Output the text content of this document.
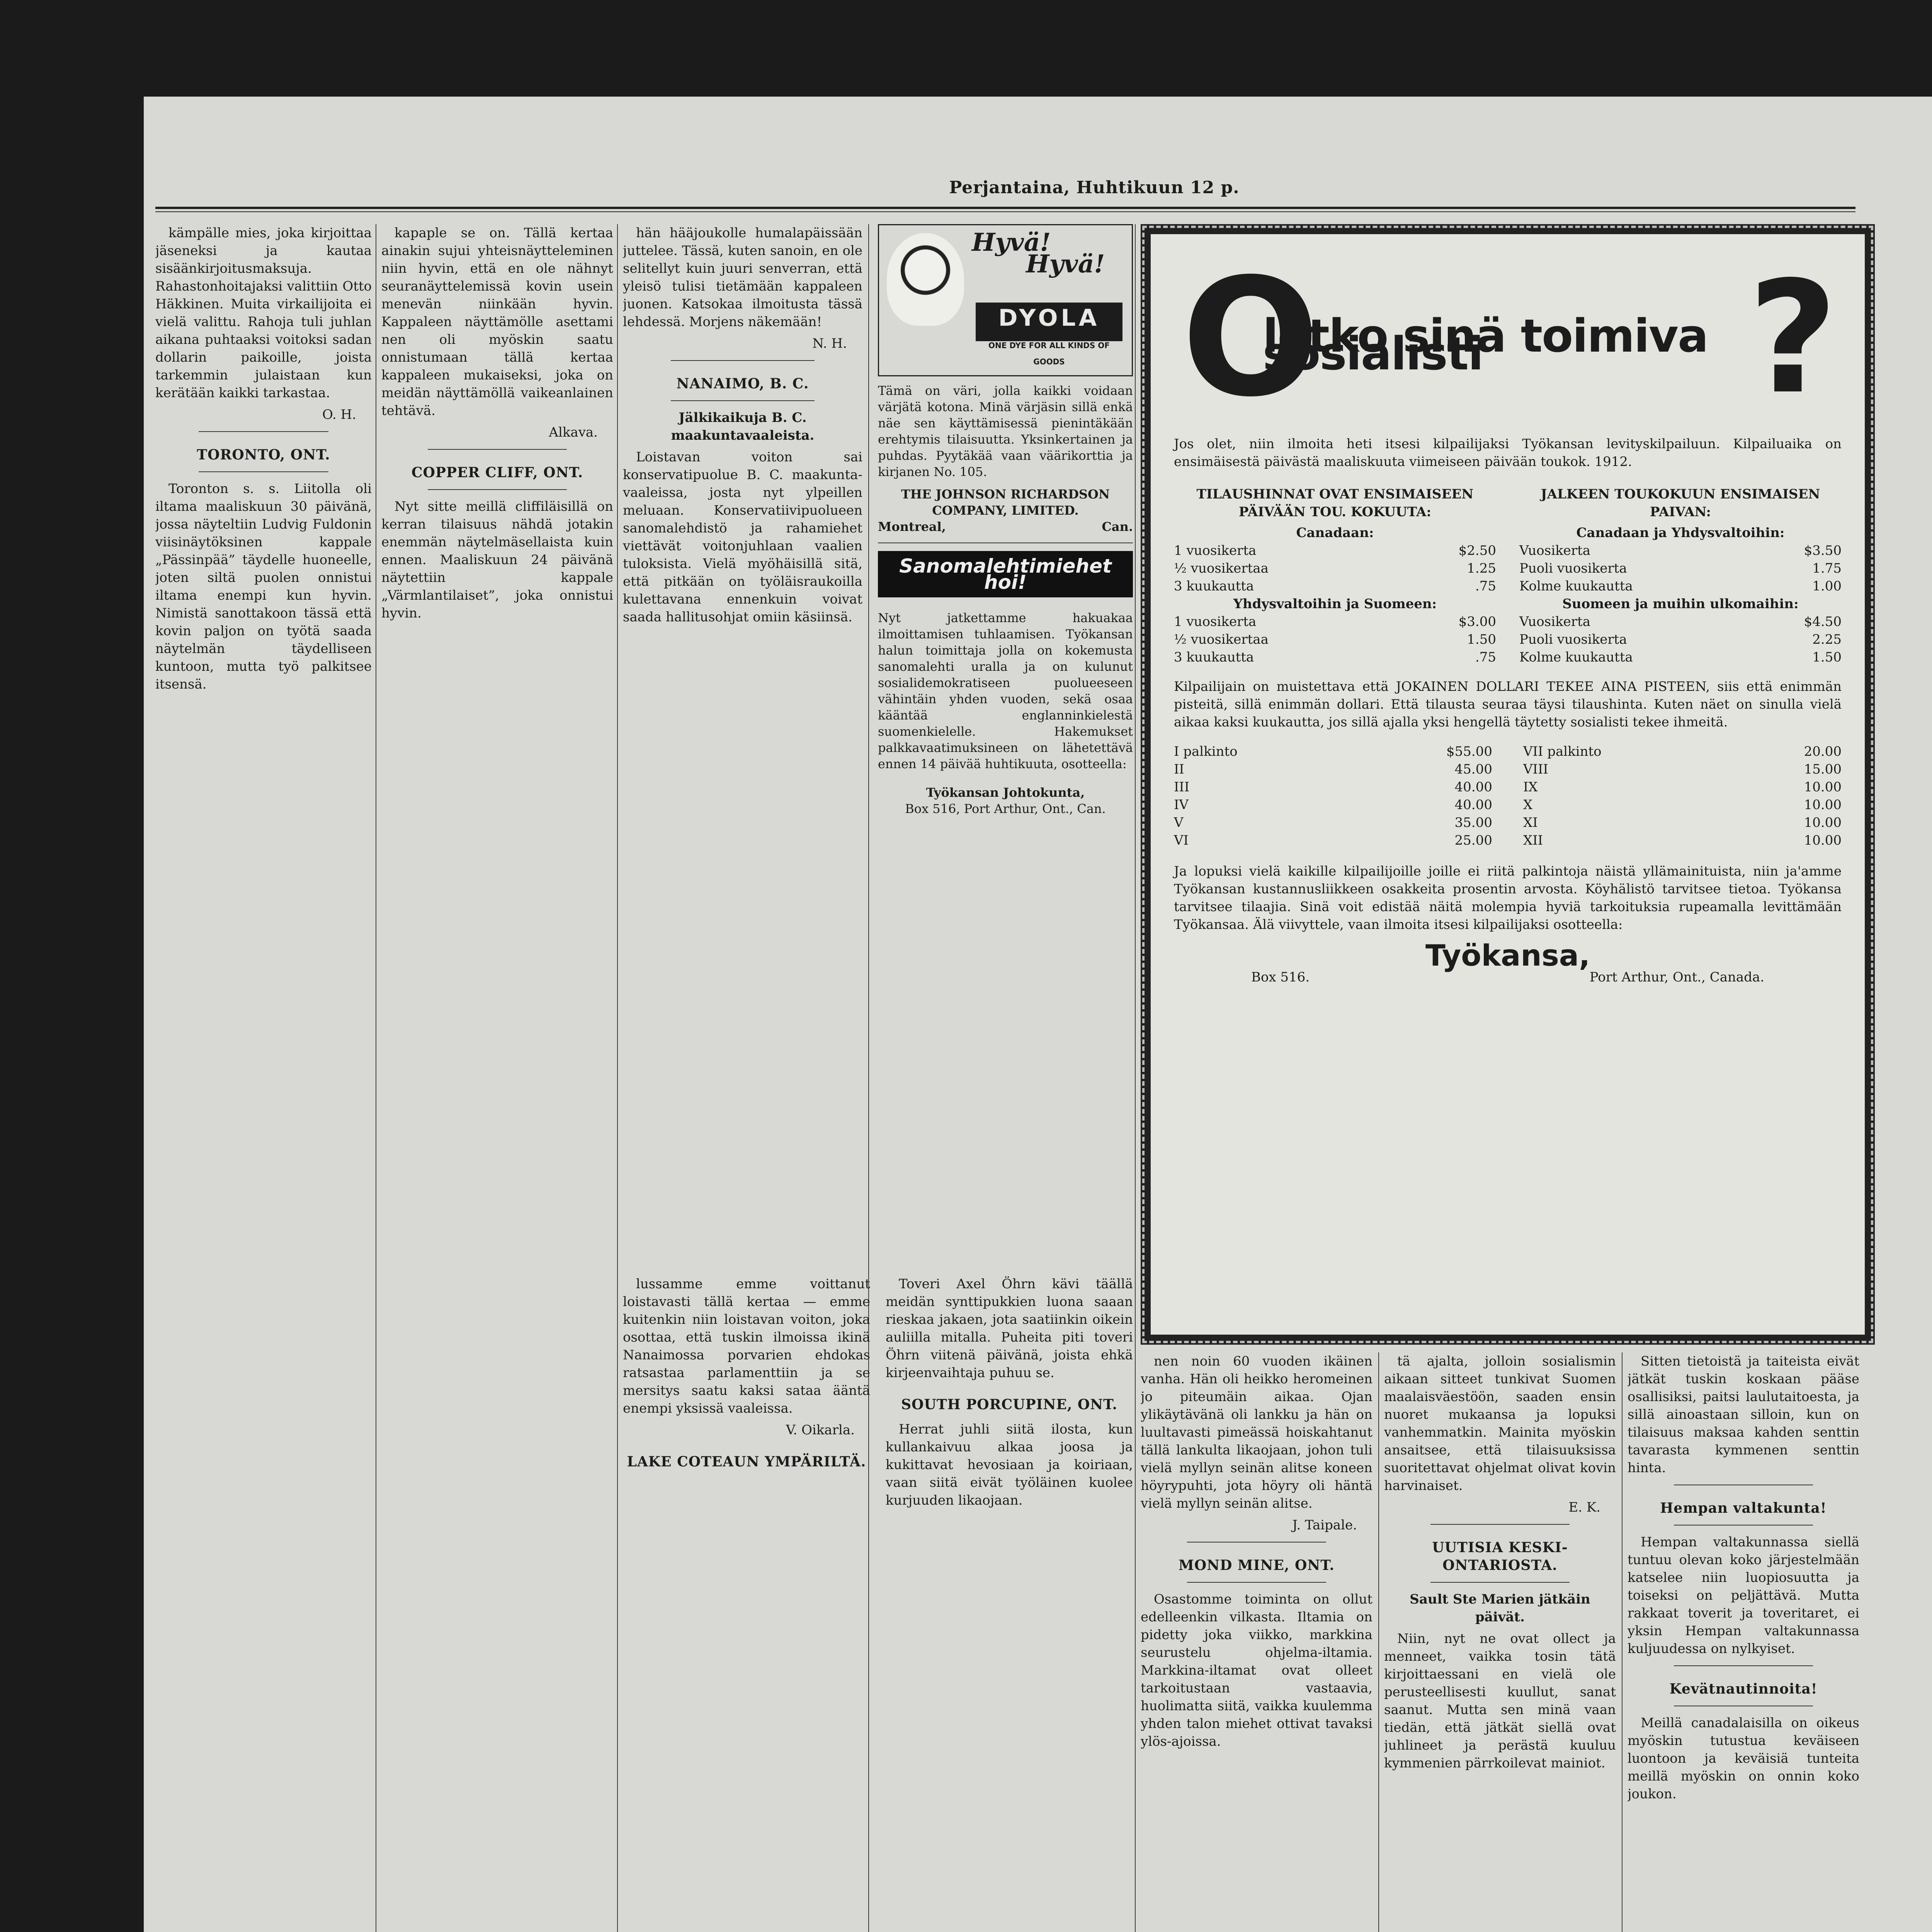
Perjantaina, Huhtikuun 12 p.

kämpälle mies, joka kirjoittaa jäseneksi ja kautaa sisäänkirjoitusmaksuja. Rahastonhoitajaksi valittiin Otto Häkkinen. Muita virkailijoita ei vielä valittu. Rahoja tuli juhlan aikana puhtaaksi voitoksi sadan dollarin paikoille, joista tarkemmin julaistaan kun kerätään kaikki tarkastaa.

O. H.

TORONTO, ONT.

Toronton s. s. Liitolla oli iltama maaliskuun 30 päivänä, jossa näyteltiin Ludvig Fuldonin viisinäytöksinen kappale „Pässinpää” täydelle huoneelle, joten siltä puolen onnistui iltama enempi kun hyvin. Nimistä sanottakoon tässä että kovin paljon on työtä saada näytelmän täydelliseen kuntoon, mutta työ palkitsee itsensä.

kapaple se on. Tällä kertaa ainakin sujui yhteisnäytteleminen niin hyvin, että en ole nähnyt seuranäyttelemissä kovin usein menevän niinkään hyvin. Kappaleen näyttämölle asettami nen oli myöskin saatu onnistumaan tällä kertaa kappaleen mukaiseksi, joka on meidän näyttämöllä vaikeanlainen tehtävä.

Alkava.

COPPER CLIFF, ONT.

Nyt sitte meillä cliffiläisillä on kerran tilaisuus nähdä jotakin enemmän näytelmäsellaista kuin ennen. Maaliskuun 24 päivänä näytettiin kappale „Värmlantilaiset”, joka onnistui hyvin.

hän hääjoukolle humalapäissään juttelee. Tässä, kuten sanoin, en ole selitellyt kuin juuri senverran, että yleisö tulisi tietämään kappaleen juonen. Katsokaa ilmoitusta tässä lehdessä. Morjens näkemään!

N. H.

NANAIMO, B. C.

Jälkikaikuja B. C. maakuntavaaleista.

Loistavan voiton sai konservatipuolue B. C. maakunta-vaaleissa, josta nyt ylpeillen meluaan. Konservatiivipuolueen sanomalehdistö ja rahamiehet viettävät voitonjuhlaan vaalien tuloksista. Vielä myöhäisillä sitä, että pitkään on työläisraukoilla kulettavana ennenkuin voivat saada hallitusohjat omiin käsiinsä.

Hyvä!
Hyvä!
DYOLA
ONE DYE FOR ALL KINDS OF GOODS

Tämä on väri, jolla kaikki voidaan värjätä kotona. Minä värjäsin sillä enkä näe sen käyttämisessä pienintäkään erehtymis tilaisuutta. Yksinkertainen ja puhdas. Pyytäkää vaan väärikorttia ja kirjanen No. 105.

THE JOHNSON RICHARDSON COMPANY, LIMITED.
Montreal,	Can.
Sanomalehtimiehet hoi!

Nyt jatkettamme hakuakaa ilmoittamisen tuhlaamisen. Työkansan halun toimittaja jolla on kokemusta sanomalehti uralla ja on kulunut sosialidemokratiseen puolueeseen vähintäin yhden vuoden, sekä osaa kääntää englanninkielestä suomenkielelle. Hakemukset palkkavaatimuksineen on lähetettävä ennen 14 päivää huhtikuuta, osotteella:

Työkansan Johtokunta,
Box 516, Port Arthur, Ont., Can.

lussamme emme voittanut loistavasti tällä kertaa — emme kuitenkin niin loistavan voiton, joka osottaa, että tuskin ilmoissa ikinä Nanaimossa porvarien ehdokas ratsastaa parlamenttiin ja se mersitys saatu kaksi sataa ääntä enempi yksissä vaaleissa.

V. Oikarla.

LAKE COTEAUN YMPÄRILTÄ.

Toveri Axel Öhrn kävi täällä meidän synttipukkien luona saaan rieskaa jakaen, jota saatiinkin oikein auliilla mitalla. Puheita piti toveri Öhrn viitenä päivänä, joista ehkä kirjeenvaihtaja puhuu se.

SOUTH PORCUPINE, ONT.

Herrat juhli siitä ilosta, kun kullankaivuu alkaa joosa ja kukittavat hevosiaan ja koiriaan, vaan siitä eivät työläinen kuolee kurjuuden likaojaan.

O
letko sinä toimiva sosialisti	?

Jos olet, niin ilmoita heti itsesi kilpailijaksi Työkansan levityskilpailuun. Kilpailuaika on ensimäisestä päivästä maaliskuuta viimeiseen päivään toukok. 1912.

TILAUSHINNAT OVAT ENSIMAISEEN PÄIVÄÄN TOU. KOKUUTA:
Canadaan:
1 vuosikerta	$2.50
½ vuosikertaa	1.25
3 kuukautta	.75
Yhdysvaltoihin ja Suomeen:
1 vuosikerta	$3.00
½ vuosikertaa	1.50
3 kuukautta	.75
JALKEEN TOUKOKUUN ENSIMAISEN PAIVAN:
Canadaan ja Yhdysvaltoihin:
Vuosikerta	$3.50
Puoli vuosikerta	1.75
Kolme kuukautta	1.00
Suomeen ja muihin ulkomaihin:
Vuosikerta	$4.50
Puoli vuosikerta	2.25
Kolme kuukautta	1.50

Kilpailijain on muistettava että JOKAINEN DOLLARI TEKEE AINA PISTEEN, siis että enimmän pisteitä, sillä enimmän dollari. Että tilausta seuraa täysi tilaushinta. Kuten näet on sinulla vielä aikaa kaksi kuukautta, jos sillä ajalla yksi hengellä täytetty sosialisti tekee ihmeitä.

I palkinto	$55.00
II	45.00
III	40.00
IV	40.00
V	35.00
VI	25.00
VII palkinto	20.00
VIII	15.00
IX	10.00
X	10.00
XI	10.00
XII	10.00

Ja lopuksi vielä kaikille kilpailijoille joille ei riitä palkintoja näistä yllämainituista, niin ja'amme Työkansan kustannusliikkeen osakkeita prosentin arvosta. Köyhälistö tarvitsee tietoa. Työkansa tarvitsee tilaajia. Sinä voit edistää näitä molempia hyviä tarkoituksia rupeamalla levittämään Työkansaa. Älä viivyttele, vaan ilmoita itsesi kilpailijaksi osotteella:

Työkansa,
Box 516.	Port Arthur, Ont., Canada.

nen noin 60 vuoden ikäinen vanha. Hän oli heikko heromeinen jo piteumäin aikaa. Ojan ylikäytävänä oli lankku ja hän on luultavasti pimeässä hoiskahtanut tällä lankulta likaojaan, johon tuli vielä myllyn seinän alitse koneen höyrypuhti, jota höyry oli häntä vielä myllyn seinän alitse.

J. Taipale.

MOND MINE, ONT.

Osastomme toiminta on ollut edelleenkin vilkasta. Iltamia on pidetty joka viikko, markkina seurustelu ohjelma-iltamia. Markkina-iltamat ovat olleet tarkoitustaan vastaavia, huolimatta siitä, vaikka kuulemma yhden talon miehet ottivat tavaksi ylös-ajoissa.

tä ajalta, jolloin sosialismin aikaan sitteet tunkivat Suomen maalaisväestöön, saaden ensin nuoret mukaansa ja lopuksi vanhemmatkin. Mainita myöskin ansaitsee, että tilaisuuksissa suoritettavat ohjelmat olivat kovin harvinaiset.

E. K.

UUTISIA KESKI-ONTARIOSTA.

Sault Ste Marien jätkäin päivät.

Niin, nyt ne ovat ollect ja menneet, vaikka tosin tätä kirjoittaessani en vielä ole perusteellisesti kuullut, sanat saanut. Mutta sen minä vaan tiedän, että jätkät siellä ovat juhlineet ja perästä kuuluu kymmenien pärrkoilevat mainiot.

Sitten tietoistä ja taiteista eivät jätkät tuskin koskaan pääse osallisiksi, paitsi laulutaitoesta, ja sillä ainoastaan silloin, kun on tilaisuus maksaa kahden senttin tavarasta kymmenen senttin hinta.

Hempan valtakunta!

Hempan valtakunnassa siellä tuntuu olevan koko järjestelmään katselee niin luopiosuutta ja toiseksi on peljättävä. Mutta rakkaat toverit ja toveritaret, ei yksin Hempan valtakunnassa kuljuudessa on nylkyiset.

Kevätnautinnoita!

Meillä canadalaisilla on oikeus myöskin tutustua keväiseen luontoon ja keväisiä tunteita meillä myöskin on onnin koko joukon.
